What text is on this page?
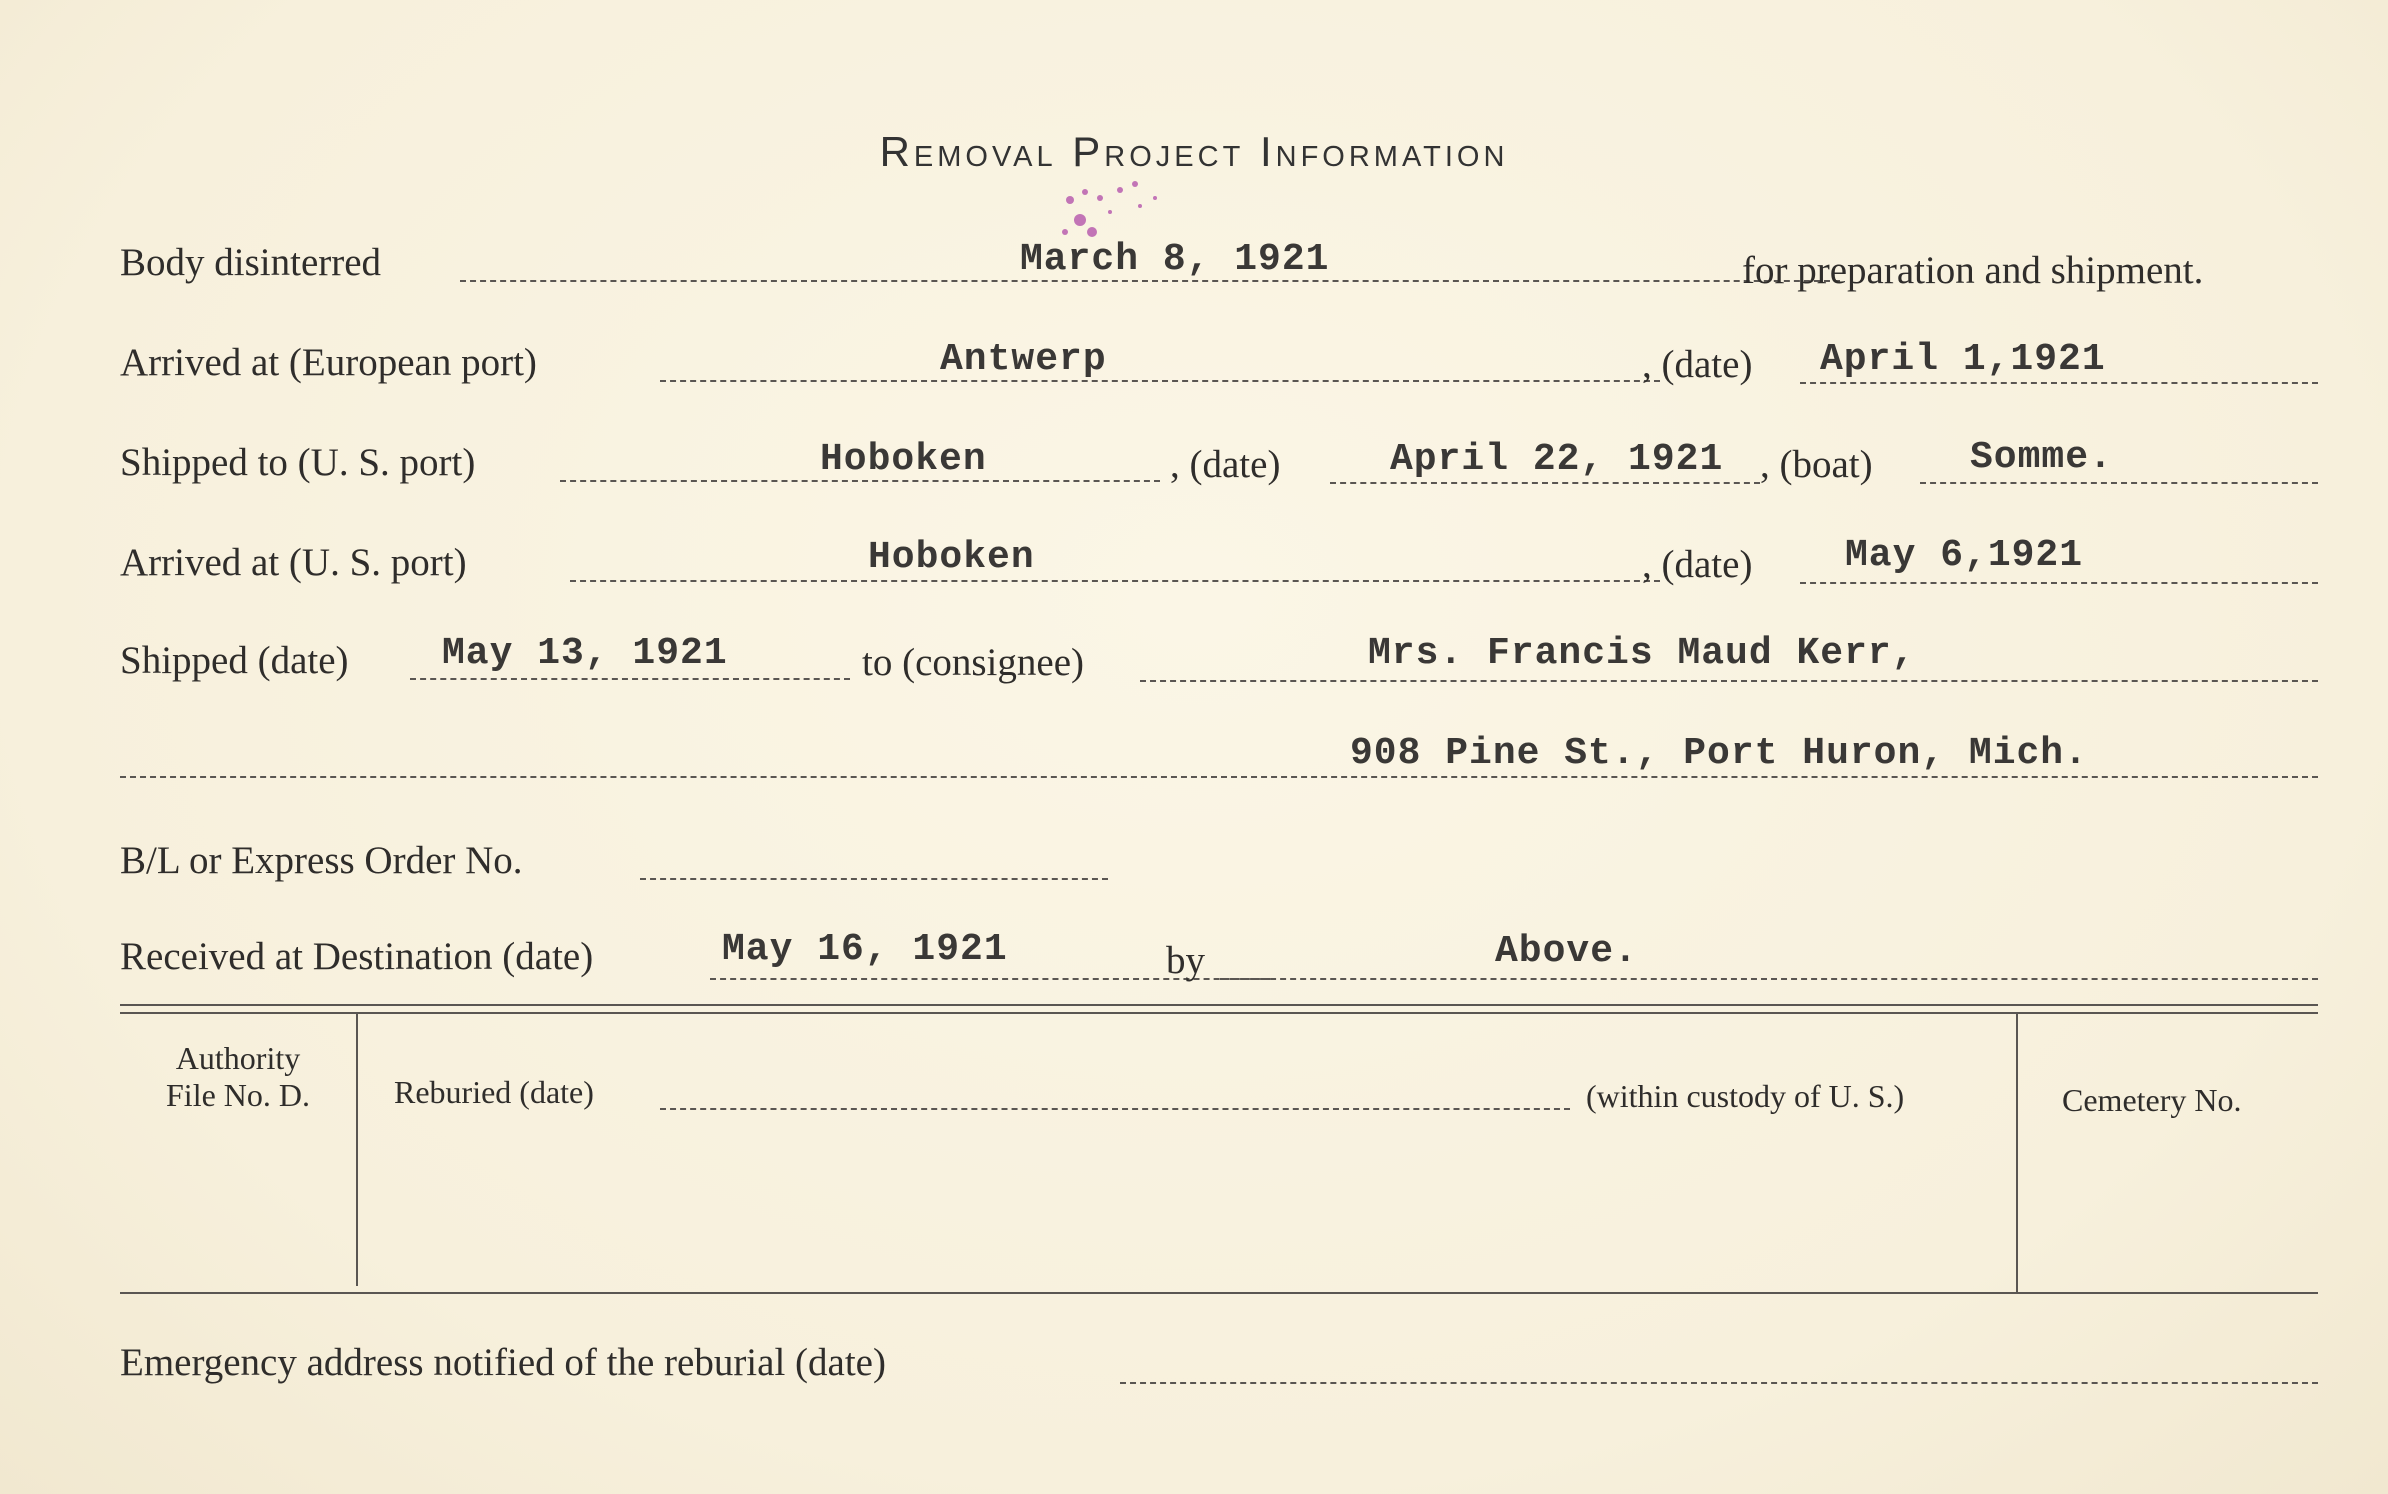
Removal Project Information
Body disinterred	March 8, 1921	for preparation and shipment.
Arrived at (European port)	Antwerp	, (date) April 1,1921
Shipped to (U. S. port)	Hoboken	, (date)	April 22, 1921 , (boat)	Somme.
Arrived at (U. S. port)	Hoboken	, (date) May 6,1921
Shipped (date) May 13, 1921	to (consignee)	Mrs. Francis Maud Kerr,
908 Pine St., Port Huron, Mich.
B/L or Express Order No.
Received at Destination (date)	May 16, 1921	by	Above.
Authority
File No. D.	Reburied (date)	(within custody of U. S.)	Cemetery No.
Emergency address notified of the reburial (date)
